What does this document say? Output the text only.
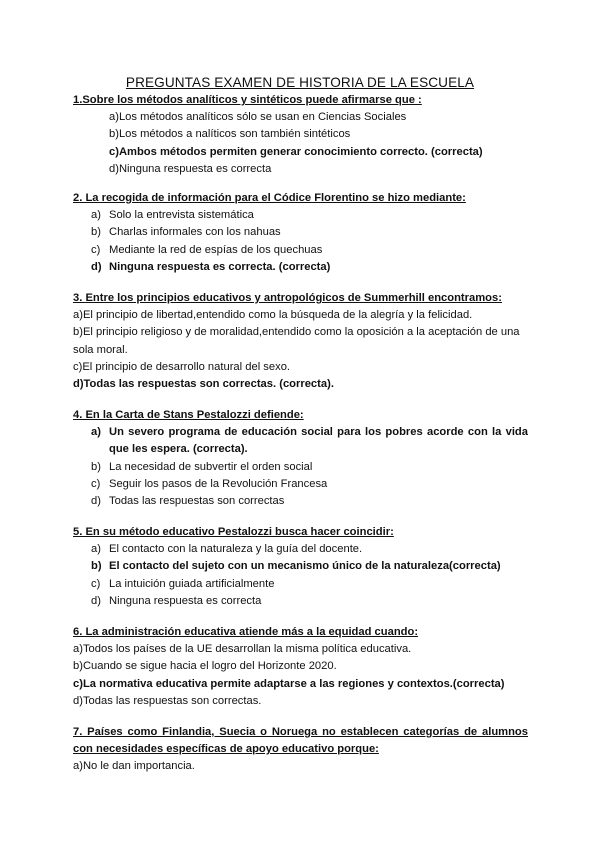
PREGUNTAS EXAMEN DE HISTORIA DE LA ESCUELA
1.Sobre los métodos analíticos y sintéticos puede afirmarse que :
a)Los métodos analíticos sólo se usan en Ciencias Sociales
b)Los métodos a nalíticos son también sintéticos
c)Ambos métodos permiten generar conocimiento correcto. (correcta)
d)Ninguna respuesta es correcta
2. La recogida de información para el Códice Florentino se hizo mediante:
a) Solo la entrevista sistemática
b) Charlas informales con los nahuas
c) Mediante la red de espías de los quechuas
d) Ninguna respuesta es correcta. (correcta)
3. Entre los principios educativos y antropológicos de Summerhill encontramos:
a)El principio de libertad,entendido como la búsqueda de la alegría y la felicidad.
b)El principio religioso y de moralidad,entendido como la oposición a la aceptación de una sola moral.
c)El principio de desarrollo natural del sexo.
d)Todas las respuestas son correctas. (correcta).
4. En la Carta de Stans Pestalozzi defiende:
a) Un severo programa de educación social para los pobres acorde con la vida que les espera. (correcta).
b) La necesidad de subvertir el orden social
c) Seguir los pasos de la Revolución Francesa
d) Todas las respuestas son correctas
5. En su método educativo Pestalozzi busca hacer coincidir:
a) El contacto con la naturaleza y la guía del docente.
b) El contacto del sujeto con un mecanismo único de la naturaleza(correcta)
c) La intuición guiada artificialmente
d) Ninguna respuesta es correcta
6. La administración educativa atiende más a la equidad cuando:
a)Todos los países de la UE desarrollan la misma política educativa.
b)Cuando se sigue hacia el logro del Horizonte 2020.
c)La normativa educativa permite adaptarse a las regiones y contextos.(correcta)
d)Todas las respuestas son correctas.
7. Países como Finlandia, Suecia o Noruega no establecen categorías de alumnos con necesidades específicas de apoyo educativo porque:
a)No le dan importancia.
